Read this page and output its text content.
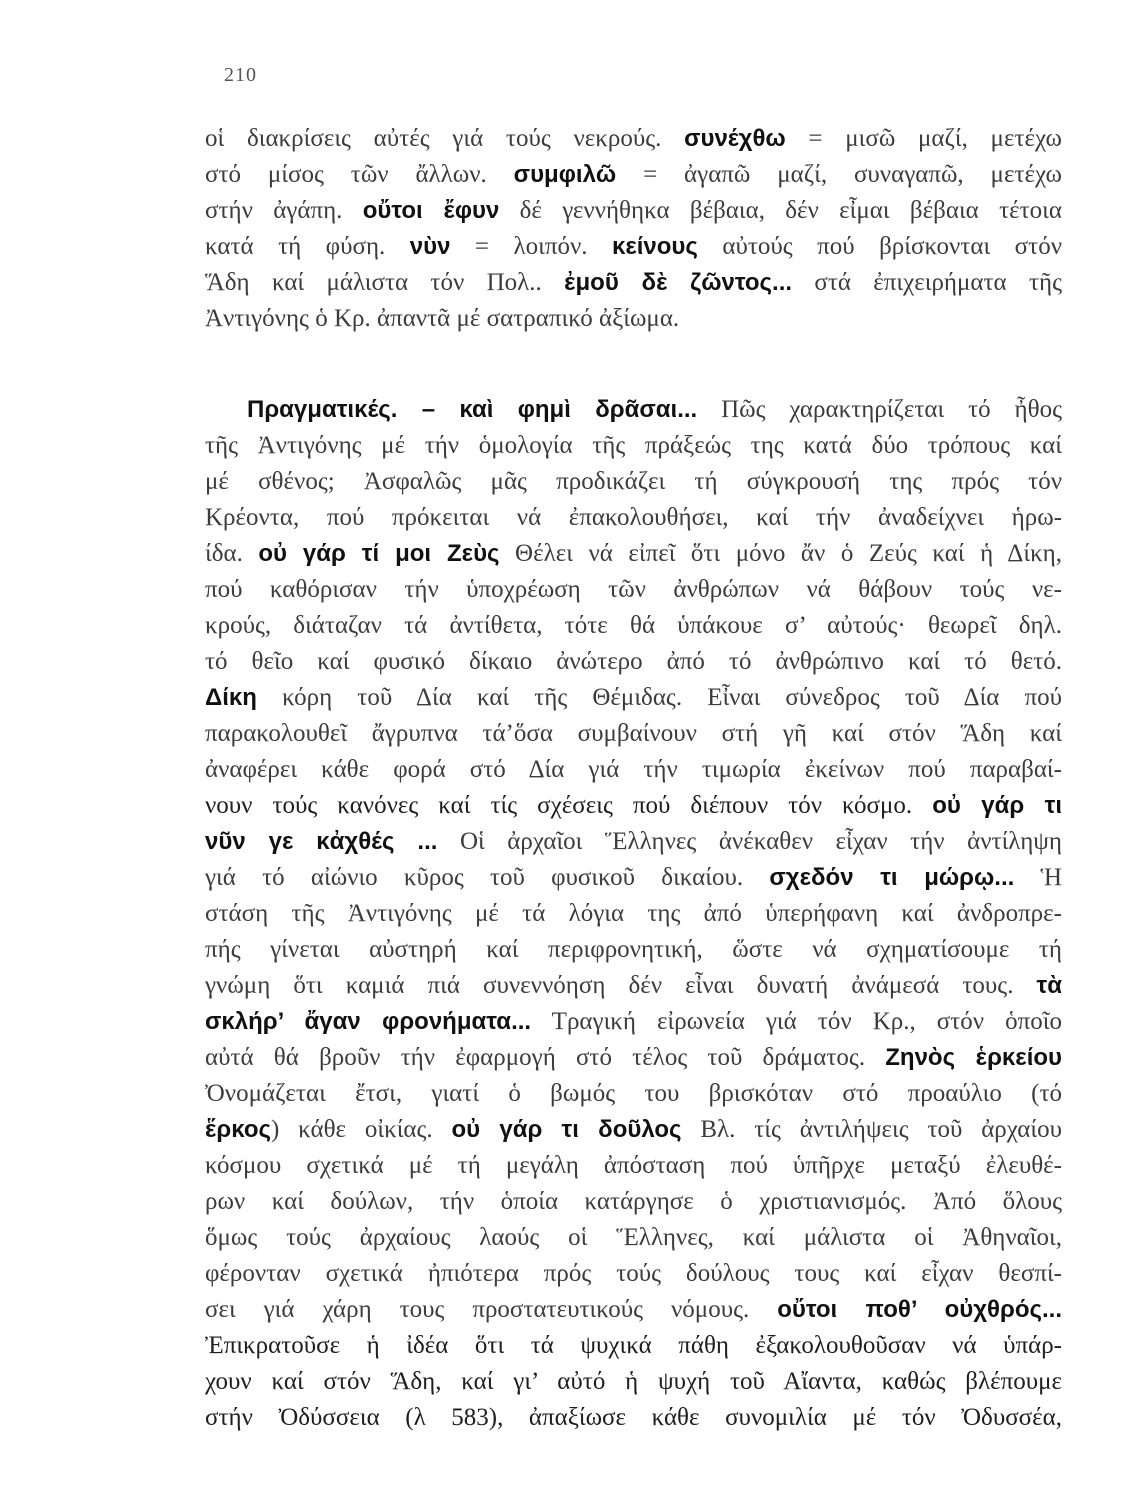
210
οἱ διακρίσεις αὐτές γιά τούς νεκρούς. συνέχθω = μισῶ μαζί, μετέχω
στό μίσος τῶν ἄλλων. συμφιλῶ = ἀγαπῶ μαζί, συναγαπῶ, μετέχω
στήν ἀγάπη. οὔτοι ἔφυν δέ γεννήθηκα βέβαια, δέν εἶμαι βέβαια τέτοια
κατά τή φύση. νὺν = λοιπόν. κείνους αὐτούς πού βρίσκονται στόν
Ἅδη καί μάλιστα τόν Πολ.. ἐμοῦ δὲ ζῶντος... στά ἐπιχειρήματα τῆς
Ἀντιγόνης ὁ Κρ. ἀπαντᾶ μέ σατραπικό ἀξίωμα.
Πραγματικές. – καὶ φημὶ δρᾶσαι... Πῶς χαρακτηρίζεται τό ἦθος
τῆς Ἀντιγόνης μέ τήν ὁμολογία τῆς πράξεώς της κατά δύο τρόπους καί
μέ σθένος; Ἀσφαλῶς μᾶς προδικάζει τή σύγκρουσή της πρός τόν
Κρέοντα, πού πρόκειται νά ἐπακολουθήσει, καί τήν ἀναδείχνει ἡρω-
ίδα. οὐ γάρ τί μοι Ζεὺς Θέλει νά εἰπεῖ ὅτι μόνο ἄν ὁ Ζεύς καί ἡ Δίκη,
πού καθόρισαν τήν ὑποχρέωση τῶν ἀνθρώπων νά θάβουν τούς νε-
κρούς, διάταζαν τά ἀντίθετα, τότε θά ὑπάκουε σ’ αὐτούς· θεωρεῖ δηλ.
τό θεῖο καί φυσικό δίκαιο ἀνώτερο ἀπό τό ἀνθρώπινο καί τό θετό.
Δίκη κόρη τοῦ Δία καί τῆς Θέμιδας. Εἶναι σύνεδρος τοῦ Δία πού
παρακολουθεῖ ἄγρυπνα τά’ὅσα συμβαίνουν στή γῆ καί στόν Ἅδη καί
ἀναφέρει κάθε φορά στό Δία γιά τήν τιμωρία ἐκείνων πού παραβαί-
νουν τούς κανόνες καί τίς σχέσεις πού διέπουν τόν κόσμο. οὐ γάρ τι
νῦν γε κἀχθές ... Οἱ ἀρχαῖοι Ἕλληνες ἀνέκαθεν εἶχαν τήν ἀντίληψη
γιά τό αἰώνιο κῦρος τοῦ φυσικοῦ δικαίου. σχεδόν τι μώρῳ... Ἡ
στάση τῆς Ἀντιγόνης μέ τά λόγια της ἀπό ὑπερήφανη καί ἀνδροπρε-
πής γίνεται αὐστηρή καί περιφρονητική, ὥστε νά σχηματίσουμε τή
γνώμη ὅτι καμιά πιά συνεννόηση δέν εἶναι δυνατή ἀνάμεσά τους. τὰ
σκλήρ’ ἄγαν φρονήματα... Τραγική εἰρωνεία γιά τόν Κρ., στόν ὁποῖο
αὐτά θά βροῦν τήν ἐφαρμογή στό τέλος τοῦ δράματος. Ζηνὸς ἑρκείου
Ὀνομάζεται ἔτσι, γιατί ὁ βωμός του βρισκόταν στό προαύλιο (τό
ἕρκος) κάθε οἰκίας. οὐ γάρ τι δοῦλος Βλ. τίς ἀντιλήψεις τοῦ ἀρχαίου
κόσμου σχετικά μέ τή μεγάλη ἀπόσταση πού ὑπῆρχε μεταξύ ἐλευθέ-
ρων καί δούλων, τήν ὁποία κατάργησε ὁ χριστιανισμός. Ἀπό ὅλους
ὅμως τούς ἀρχαίους λαούς οἱ Ἕλληνες, καί μάλιστα οἱ Ἀθηναῖοι,
φέρονταν σχετικά ἠπιότερα πρός τούς δούλους τους καί εἶχαν θεσπί-
σει γιά χάρη τους προστατευτικούς νόμους. οὔτοι ποθ’ οὐχθρός...
Ἐπικρατοῦσε ἡ ἰδέα ὅτι τά ψυχικά πάθη ἐξακολουθοῦσαν νά ὑπάρ-
χουν καί στόν Ἅδη, καί γι’ αὐτό ἡ ψυχή τοῦ Αἴαντα, καθώς βλέπουμε
στήν Ὀδύσσεια (λ 583), ἀπαξίωσε κάθε συνομιλία μέ τόν Ὀδυσσέα,
